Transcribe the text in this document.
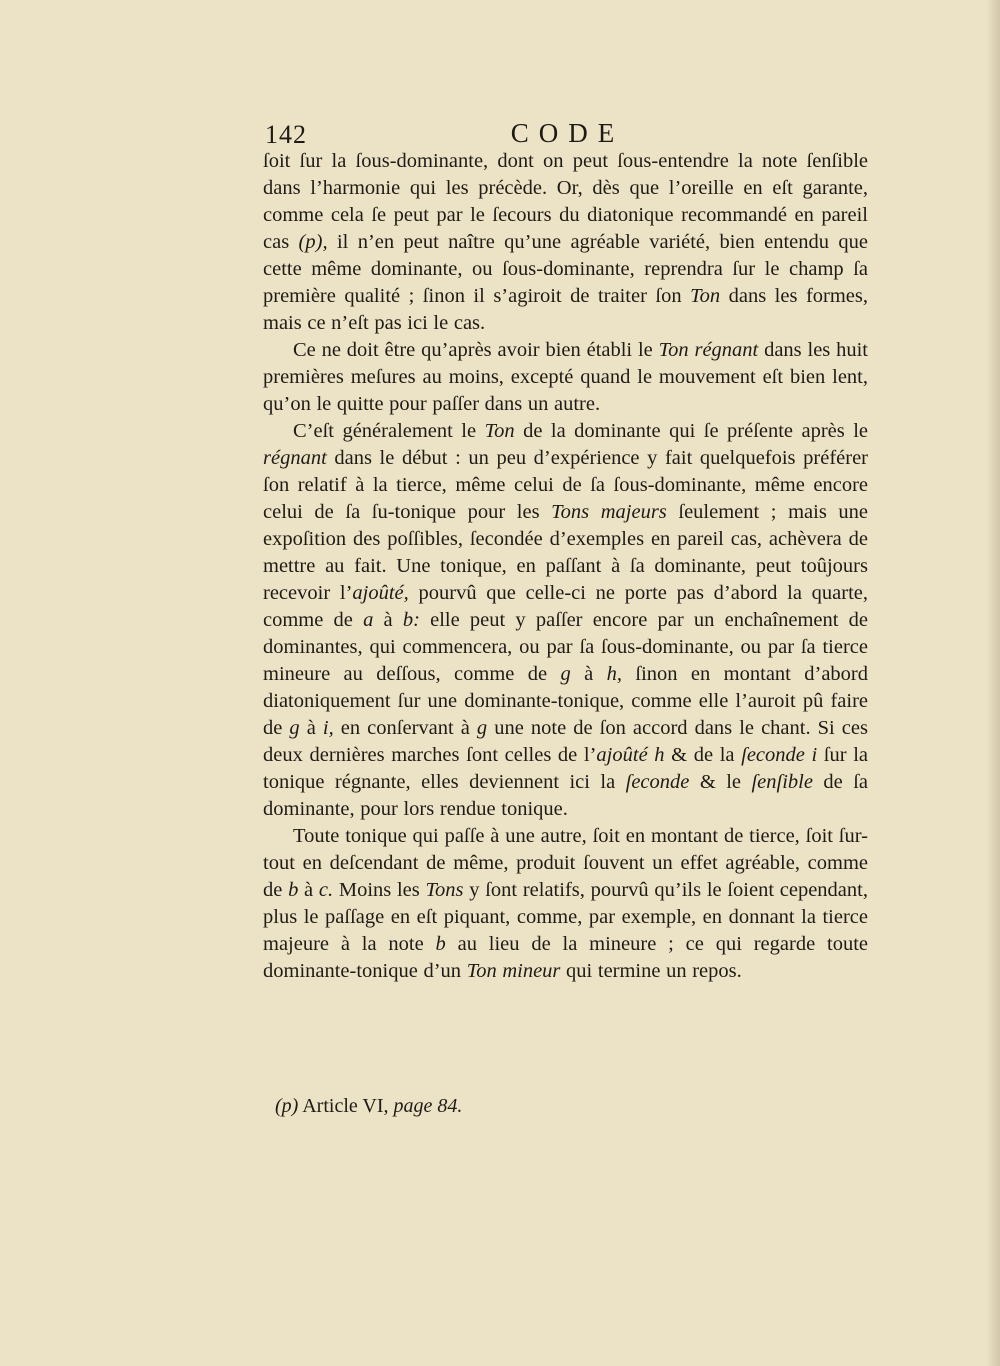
142	CODE

ſoit ſur la ſous-dominante, dont on peut ſous-entendre la note ſenſible dans l’harmonie qui les précède. Or, dès que l’oreille en eſt garante, comme cela ſe peut par le ſecours du diatonique recommandé en pareil cas (p), il n’en peut naître qu’une agréable variété, bien entendu que cette même dominante, ou ſous-dominante, reprendra ſur le champ ſa première qualité ; ſinon il s’agiroit de traiter ſon Ton dans les formes, mais ce n’eſt pas ici le cas.

Ce ne doit être qu’après avoir bien établi le Ton régnant dans les huit premières meſures au moins, excepté quand le mouvement eſt bien lent, qu’on le quitte pour paſſer dans un autre.

C’eſt généralement le Ton de la dominante qui ſe préſente après le régnant dans le début : un peu d’expérience y fait quelquefois préférer ſon relatif à la tierce, même celui de ſa ſous-dominante, même encore celui de ſa ſu-tonique pour les Tons majeurs ſeulement ; mais une expoſition des poſſibles, ſecondée d’exemples en pareil cas, achèvera de mettre au fait. Une tonique, en paſſant à ſa dominante, peut toûjours recevoir l’ajoûté, pourvû que celle-ci ne porte pas d’abord la quarte, comme de a à b: elle peut y paſſer encore par un enchaînement de dominantes, qui commencera, ou par ſa ſous-dominante, ou par ſa tierce mineure au deſſous, comme de g à h, ſinon en montant d’abord diatoniquement ſur une dominante-tonique, comme elle l’auroit pû faire de g à i, en conſervant à g une note de ſon accord dans le chant. Si ces deux dernières marches ſont celles de l’ajoûté h & de la ſeconde i ſur la tonique régnante, elles deviennent ici la ſeconde & le ſenſible de ſa dominante, pour lors rendue tonique.

Toute tonique qui paſſe à une autre, ſoit en montant de tierce, ſoit ſur-tout en deſcendant de même, produit ſouvent un effet agréable, comme de b à c. Moins les Tons y ſont relatifs, pourvû qu’ils le ſoient cependant, plus le paſſage en eſt piquant, comme, par exemple, en donnant la tierce majeure à la note b au lieu de la mineure ; ce qui regarde toute dominante-tonique d’un Ton mineur qui termine un repos.

(p) Article VI, page 84.
